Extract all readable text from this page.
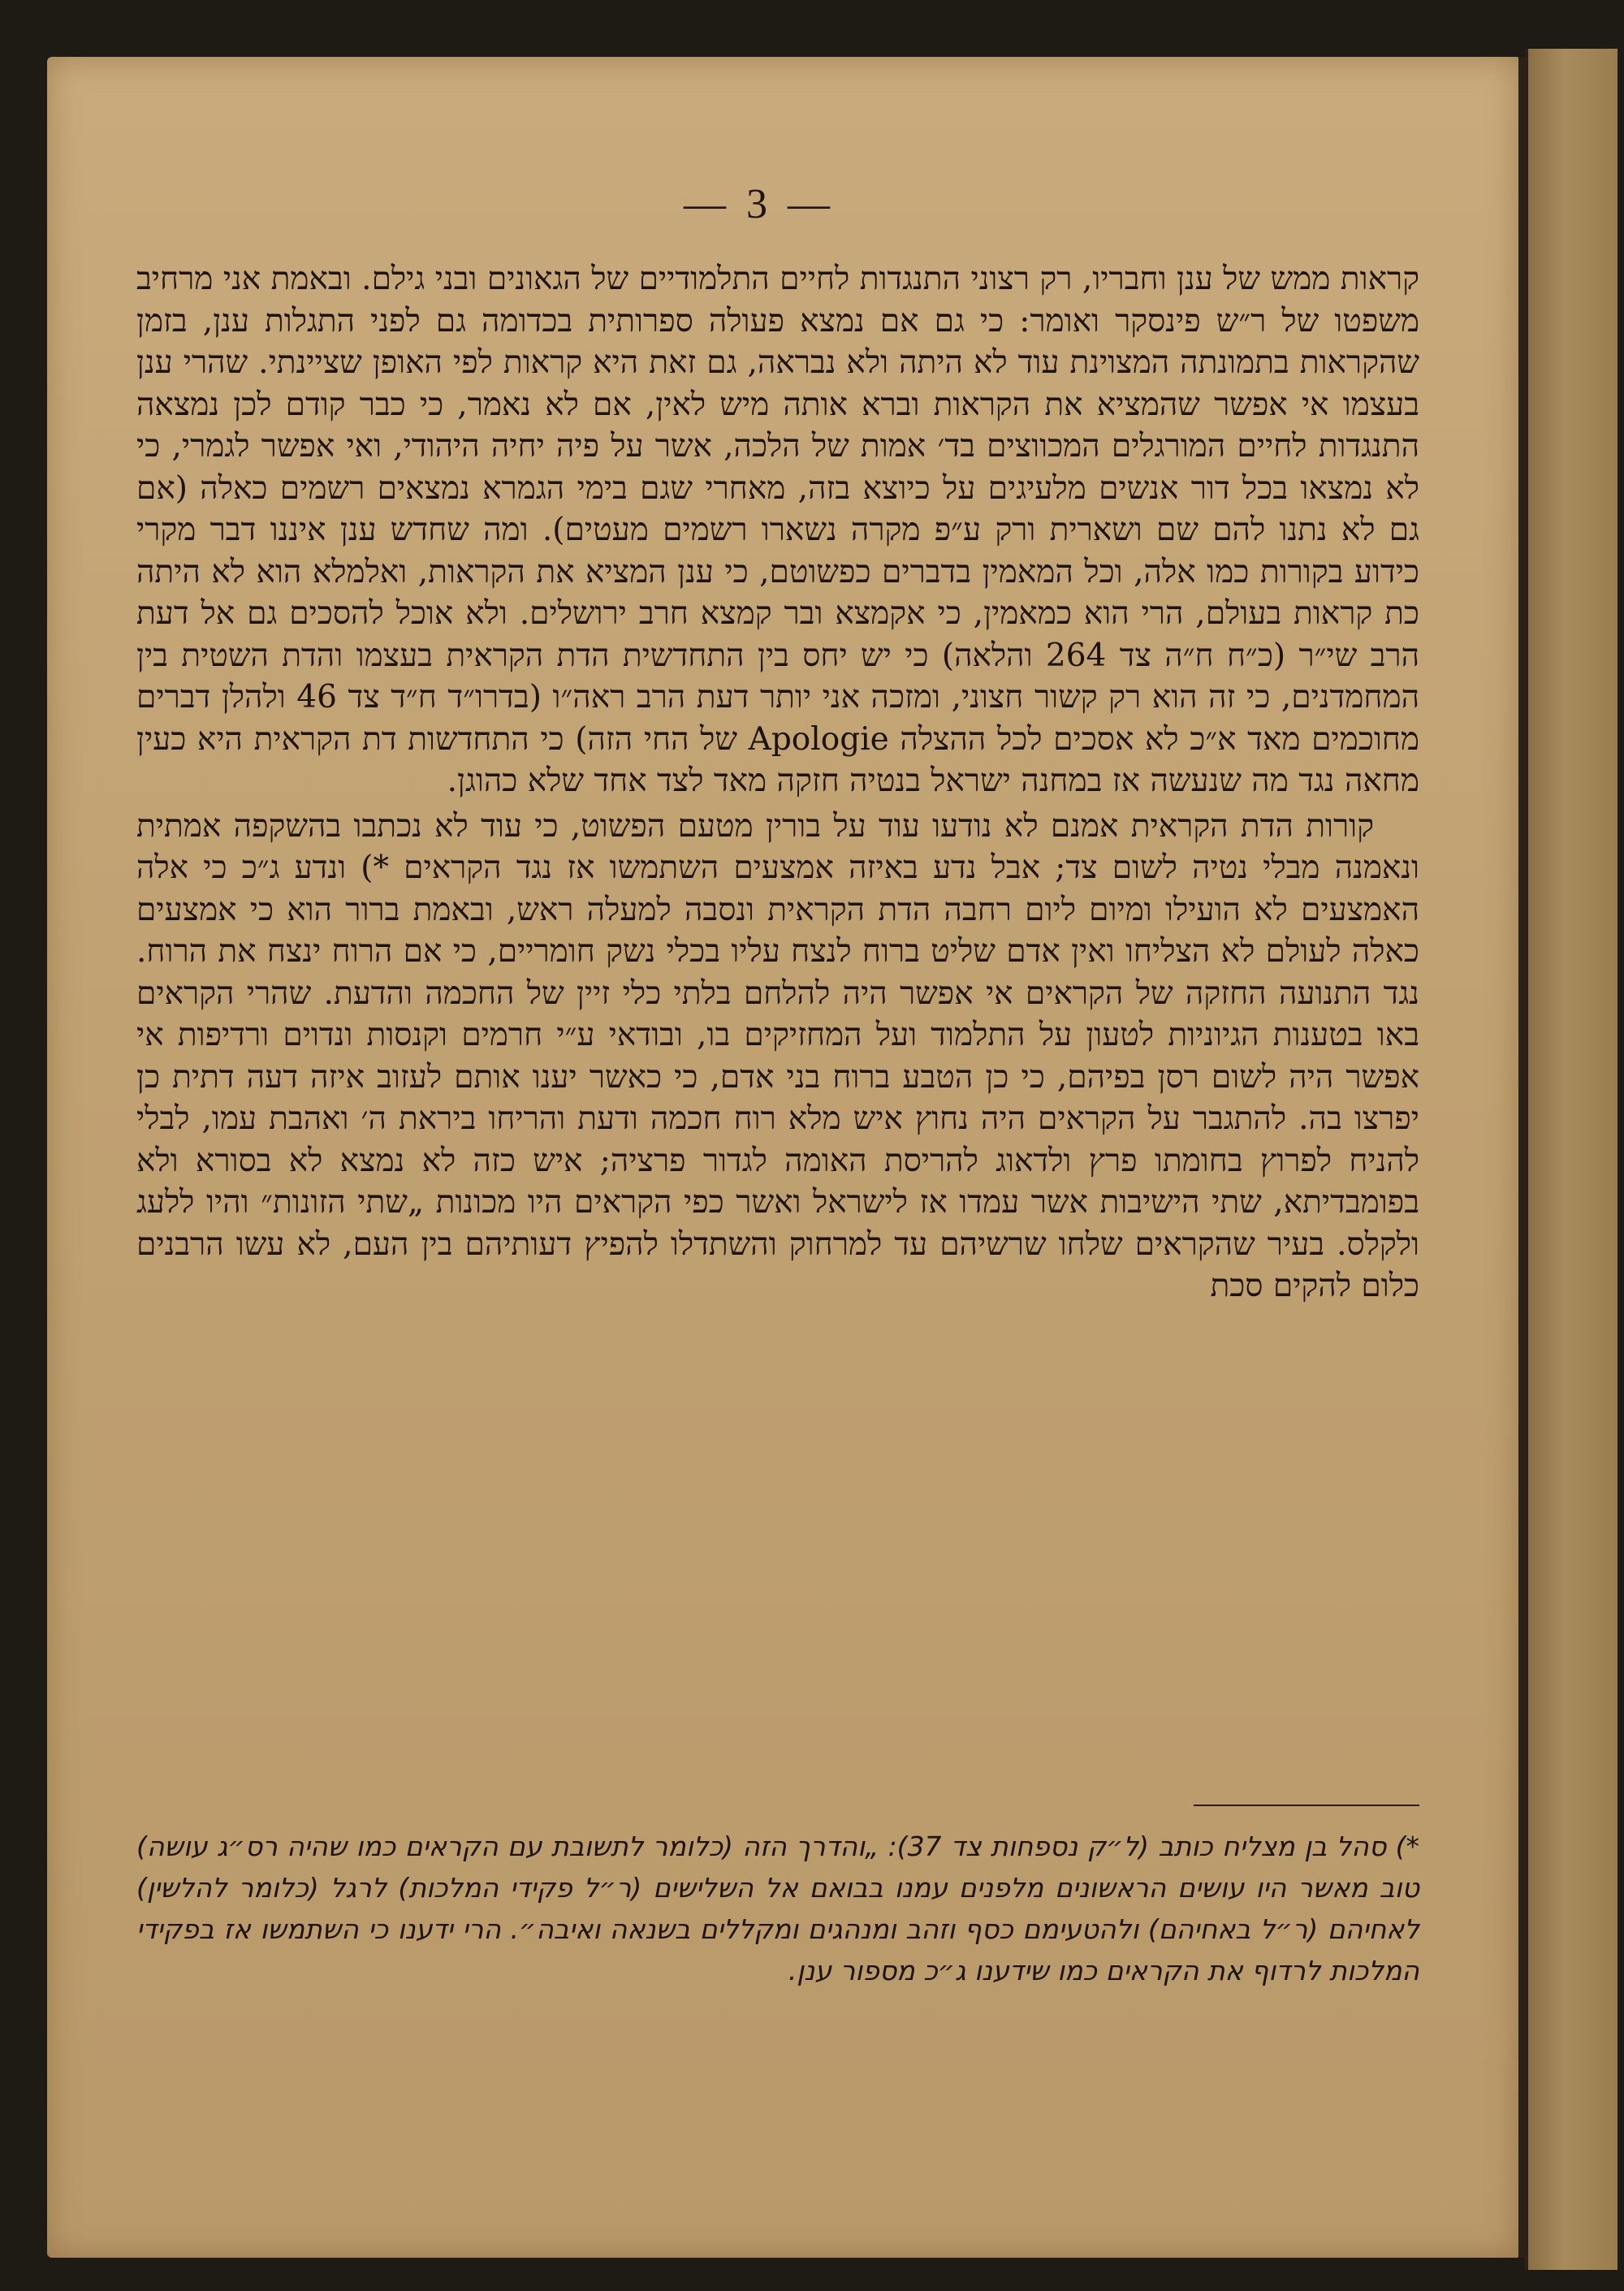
— 3 —

קראות ממש של ענן וחבריו, רק רצוני התנגדות לחיים התלמודיים של הגאונים ובני גילם. ובאמת אני מרחיב משפטו של ר״ש פינסקר ואומר: כי גם אם נמצא פעולה ספרותית בכדומה גם לפני התגלות ענן, בזמן שהקראות בתמונתה המצוינת עוד לא היתה ולא נבראה, גם זאת היא קראות לפי האופן שציינתי. שהרי ענן בעצמו אי אפשר שהמציא את הקראות וברא אותה מיש לאין, אם לא נאמר, כי כבר קודם לכן נמצאה התנגדות לחיים המורגלים המכווצים בד׳ אמות של הלכה, אשר על פיה יחיה היהודי, ואי אפשר לגמרי, כי לא נמצאו בכל דור אנשים מלעיגים על כיוצא בזה, מאחרי שגם בימי הגמרא נמצאים רשמים כאלה (אם גם לא נתנו להם שם ושארית ורק ע״פ מקרה נשארו רשמים מעטים). ומה שחדש ענן איננו דבר מקרי כידוע בקורות כמו אלה, וכל המאמין בדברים כפשוטם, כי ענן המציא את הקראות, ואלמלא הוא לא היתה כת קראות בעולם, הרי הוא כמאמין, כי אקמצא ובר קמצא חרב ירושלים. ולא אוכל להסכים גם אל דעת הרב שי״ר (כ״ח ח״ה צד 264 והלאה) כי יש יחס בין התחדשית הדת הקראית בעצמו והדת השטית בין המחמדנים, כי זה הוא רק קשור חצוני, ומזכה אני יותר דעת הרב ראה״ו (בדרו״ד ח״ד צד 46 ולהלן דברים מחוכמים מאד א״כ לא אסכים לכל ההצלה Apologie של החי הזה) כי התחדשות דת הקראית היא כעין מחאה נגד מה שנעשה אז במחנה ישראל בנטיה חזקה מאד לצד אחד שלא כהוגן.

קורות הדת הקראית אמנם לא נודעו עוד על בורין מטעם הפשוט, כי עוד לא נכתבו בהשקפה אמתית ונאמנה מבלי נטיה לשום צד; אבל נדע באיזה אמצעים השתמשו אז נגד הקראים *) ונדע ג״כ כי אלה האמצעים לא הועילו ומיום ליום רחבה הדת הקראית ונסבה למעלה ראש, ובאמת ברור הוא כי אמצעים כאלה לעולם לא הצליחו ואין אדם שליט ברוח לנצח עליו בכלי נשק חומריים, כי אם הרוח ינצח את הרוח. נגד התנועה החזקה של הקראים אי אפשר היה להלחם בלתי כלי זיין של החכמה והדעת. שהרי הקראים באו בטענות הגיוניות לטעון על התלמוד ועל המחזיקים בו, ובודאי ע״י חרמים וקנסות ונדוים ורדיפות אי אפשר היה לשום רסן בפיהם, כי כן הטבע ברוח בני אדם, כי כאשר יענו אותם לעזוב איזה דעה דתית כן יפרצו בה. להתגבר על הקראים היה נחוץ איש מלא רוח חכמה ודעת והריחו ביראת ה׳ ואהבת עמו, לבלי להניח לפרוץ בחומתו פרץ ולדאוג להריסת האומה לגדור פרציה; איש כזה לא נמצא לא בסורא ולא בפומבדיתא, שתי הישיבות אשר עמדו אז לישראל ואשר כפי הקראים היו מכונות „שתי הזונות״ והיו ללעג ולקלס. בעיר שהקראים שלחו שרשיהם עד למרחוק והשתדלו להפיץ דעותיהם בין העם, לא עשו הרבנים כלום להקים סכת

*) סהל בן מצליח כותב (ל״ק נספחות צד 37): „והדרך הזה (כלומר לתשובת עם הקראים כמו שהיה רס״ג עושה) טוב מאשר היו עושים הראשונים מלפנים עמנו בבואם אל השלישים (ר״ל פקידי המלכות) לרגל (כלומר להלשין) לאחיהם (ר״ל באחיהם) ולהטעימם כסף וזהב ומנהגים ומקללים בשנאה ואיבה״. הרי ידענו כי השתמשו אז בפקידי המלכות לרדוף את הקראים כמו שידענו ג״כ מספור ענן.
